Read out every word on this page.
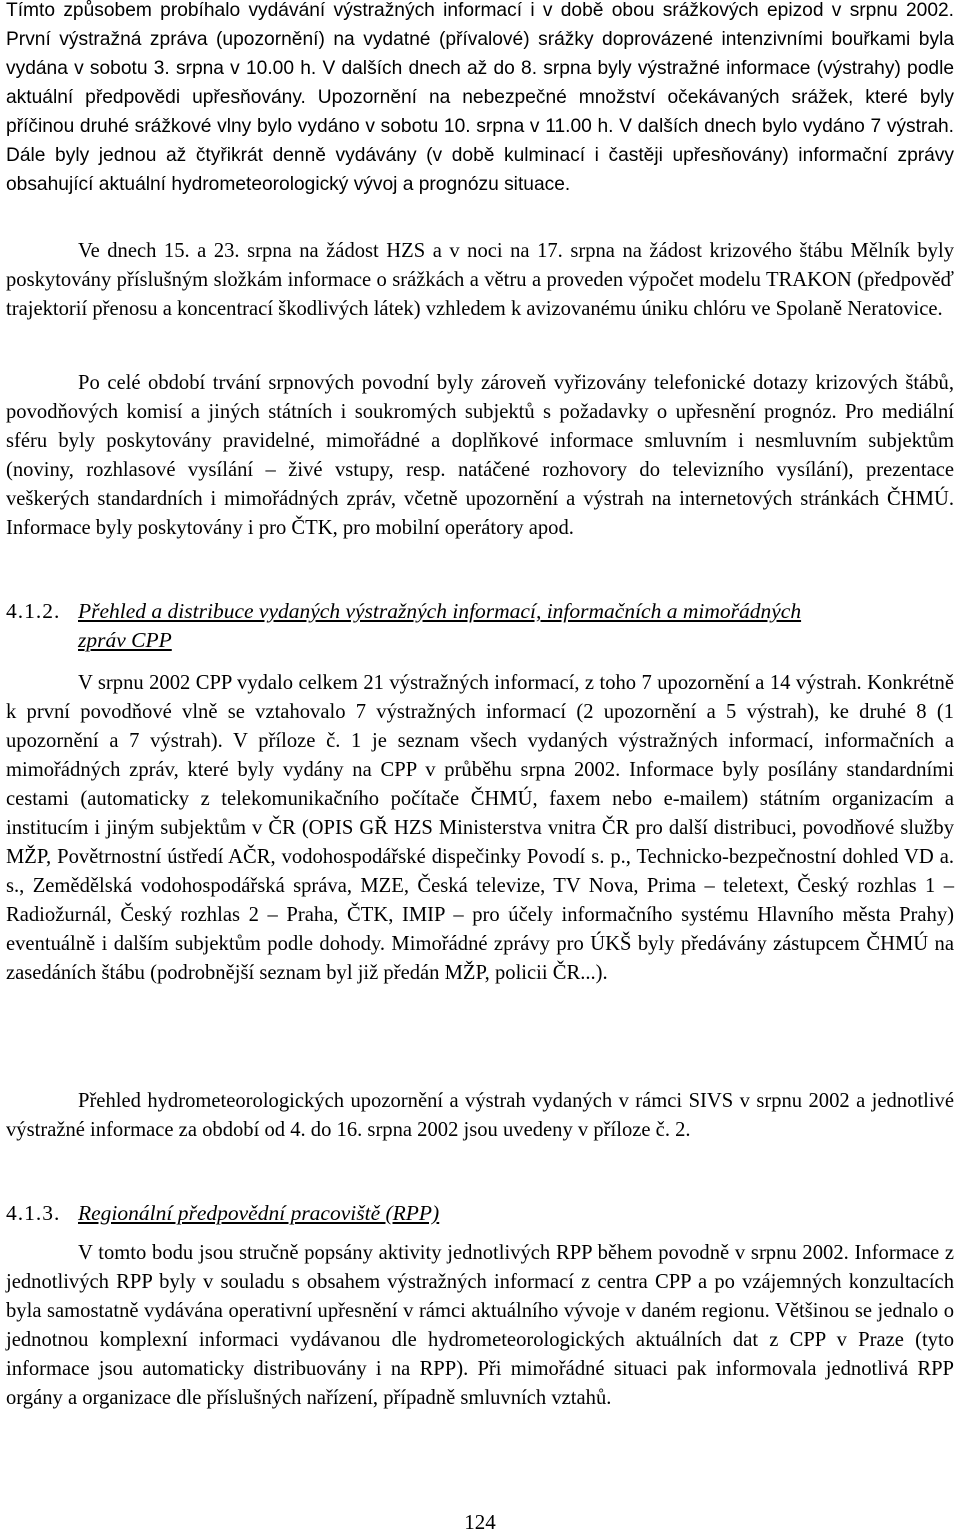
Tímto způsobem probíhalo vydávání výstražných informací i v době obou srážkových epizod v srpnu 2002. První výstražná zpráva (upozornění) na vydatné (přívalové) srážky doprovázené intenzivními bouřkami byla vydána v sobotu 3. srpna v 10.00 h. V dalších dnech až do 8. srpna byly výstražné informace (výstrahy) podle aktuální předpovědi upřesňovány. Upozornění na nebezpečné množství očekávaných srážek, které byly příčinou druhé srážkové vlny bylo vydáno v sobotu 10. srpna v 11.00 h. V dalších dnech bylo vydáno 7 výstrah. Dále byly jednou až čtyřikrát denně vydávány (v době kulminací i častěji upřesňovány) informační zprávy obsahující aktuální hydrometeorologický vývoj a prognózu situace.

Ve dnech 15. a 23. srpna na žádost HZS a v noci na 17. srpna na žádost krizového štábu Mělník byly poskytovány příslušným složkám informace o srážkách a větru a proveden výpočet modelu TRAKON (předpověď trajektorií přenosu a koncentrací škodlivých látek) vzhledem k avizovanému úniku chlóru ve Spolaně Neratovice.

Po celé období trvání srpnových povodní byly zároveň vyřizovány telefonické dotazy krizových štábů, povodňových komisí a jiných státních i soukromých subjektů s požadavky o upřesnění prognóz. Pro mediální sféru byly poskytovány pravidelné, mimořádné a doplňkové informace smluvním i nesmluvním subjektům (noviny, rozhlasové vysílání – živé vstupy, resp. natáčené rozhovory do televizního vysílání), prezentace veškerých standardních i mimořádných zpráv, včetně upozornění a výstrah na internetových stránkách ČHMÚ. Informace byly poskytovány i pro ČTK, pro mobilní operátory apod.

4.1.2. Přehled a distribuce vydaných výstražných informací, informačních a mimořádných
zpráv CPP

V srpnu 2002 CPP vydalo celkem 21 výstražných informací, z toho 7 upozornění a 14 výstrah. Konkrétně k první povodňové vlně se vztahovalo 7 výstražných informací (2 upozornění a 5 výstrah), ke druhé 8 (1 upozornění a 7 výstrah). V příloze č. 1 je seznam všech vydaných výstražných informací, informačních a mimořádných zpráv, které byly vydány na CPP v průběhu srpna 2002. Informace byly posílány standardními cestami (automaticky z telekomunikačního počítače ČHMÚ, faxem nebo e-mailem) státním organizacím a institucím i jiným subjektům v ČR (OPIS GŘ HZS Ministerstva vnitra ČR pro další distribuci, povodňové služby MŽP, Povětrnostní ústředí AČR, vodohospodářské dispečinky Povodí s. p., Technicko-bezpečnostní dohled VD a. s., Zemědělská vodohospodářská správa, MZE, Česká televize, TV Nova, Prima – teletext, Český rozhlas 1 – Radiožurnál, Český rozhlas 2 – Praha, ČTK, IMIP – pro účely informačního systému Hlavního města Prahy) eventuálně i dalším subjektům podle dohody. Mimořádné zprávy pro ÚKŠ byly předávány zástupcem ČHMÚ na zasedáních štábu (podrobnější seznam byl již předán MŽP, policii ČR...).

Přehled hydrometeorologických upozornění a výstrah vydaných v rámci SIVS v srpnu 2002 a jednotlivé výstražné informace za období od 4. do 16. srpna 2002 jsou uvedeny v příloze č. 2.

4.1.3. Regionální předpovědní pracoviště (RPP)

V tomto bodu jsou stručně popsány aktivity jednotlivých RPP během povodně v srpnu 2002. Informace z jednotlivých RPP byly v souladu s obsahem výstražných informací z centra CPP a po vzájemných konzultacích byla samostatně vydávána operativní upřesnění v rámci aktuálního vývoje v daném regionu. Většinou se jednalo o jednotnou komplexní informaci vydávanou dle hydrometeorologických aktuálních dat z CPP v Praze (tyto informace jsou automaticky distribuovány i na RPP). Při mimořádné situaci pak informovala jednotlivá RPP orgány a organizace dle příslušných nařízení, případně smluvních vztahů.

124
